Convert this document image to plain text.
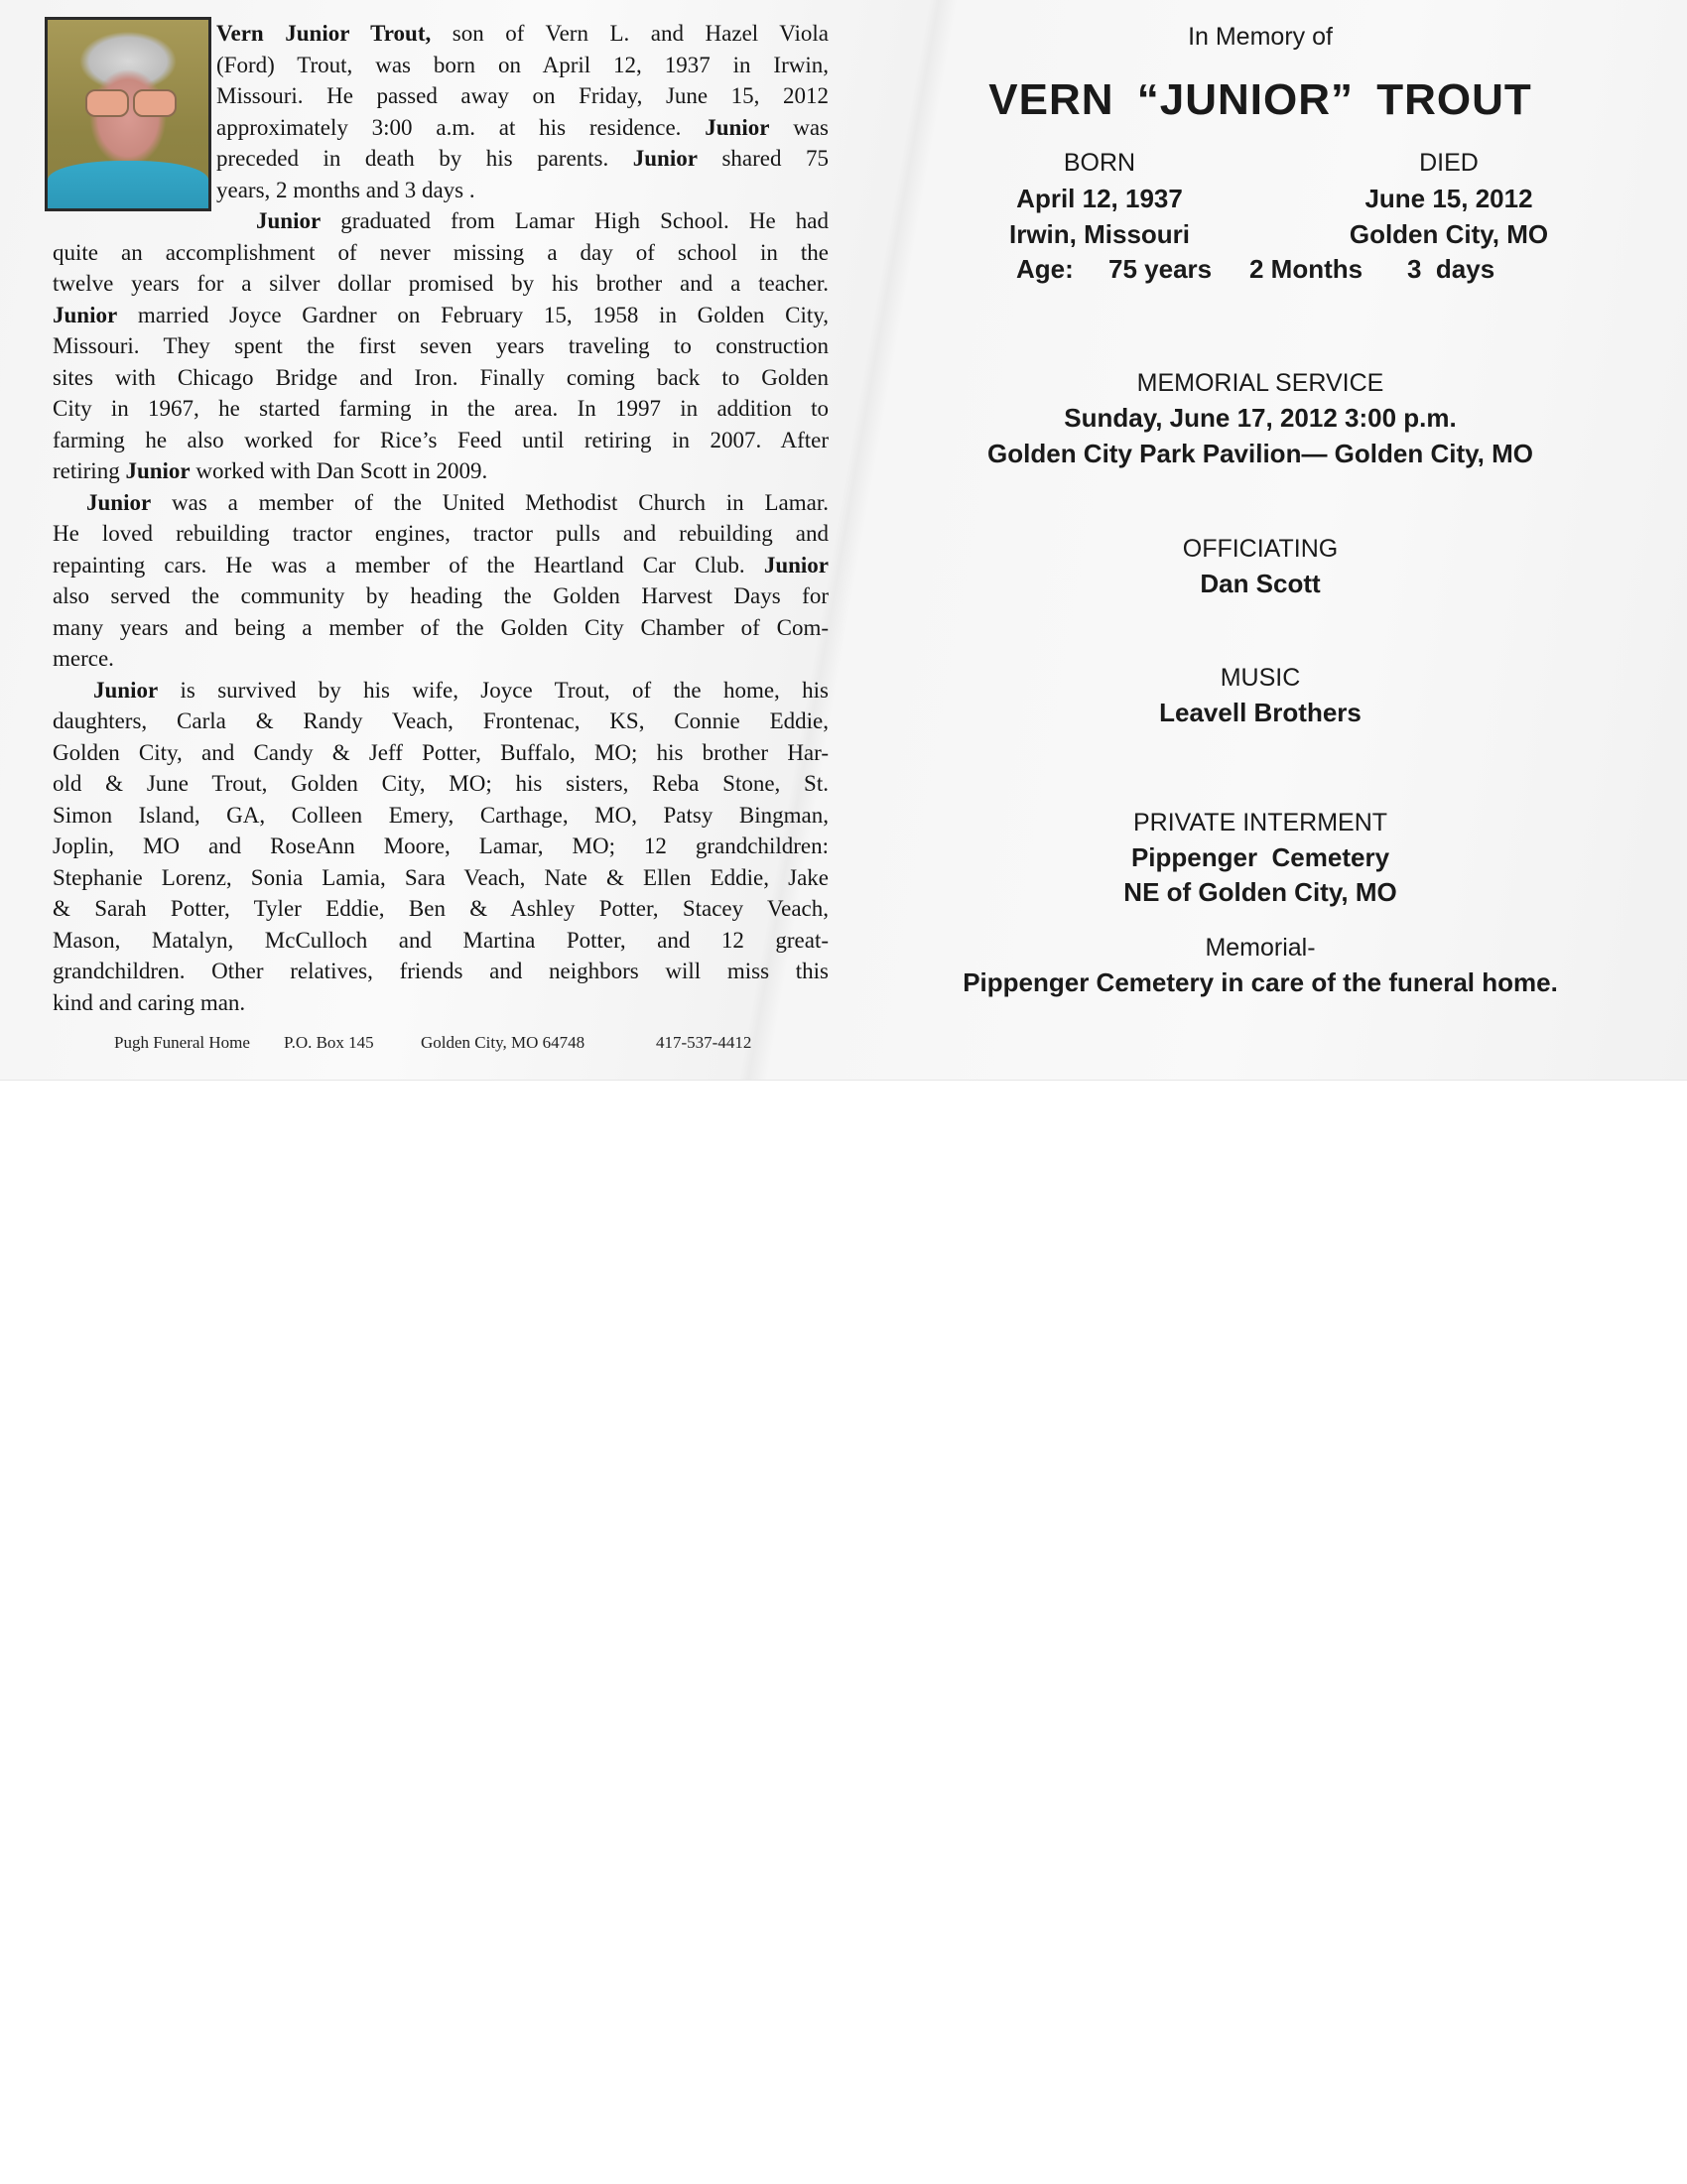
Vern Junior Trout, son of Vern L. and Hazel Viola
(Ford) Trout, was born on April 12, 1937 in Irwin,
Missouri. He passed away on Friday, June 15, 2012
approximately 3:00 a.m. at his residence. Junior was
preceded in death by his parents. Junior shared 75
years, 2 months and 3 days .
Junior graduated from Lamar High School. He had
quite an accomplishment of never missing a day of school in the
twelve years for a silver dollar promised by his brother and a teacher.
Junior married Joyce Gardner on February 15, 1958 in Golden City,
Missouri. They spent the first seven years traveling to construction
sites with Chicago Bridge and Iron. Finally coming back to Golden
City in 1967, he started farming in the area. In 1997 in addition to
farming he also worked for Rice’s Feed until retiring in 2007. After
retiring Junior worked with Dan Scott in 2009.
Junior was a member of the United Methodist Church in Lamar.
He loved rebuilding tractor engines, tractor pulls and rebuilding and
repainting cars. He was a member of the Heartland Car Club. Junior
also served the community by heading the Golden Harvest Days for
many years and being a member of the Golden City Chamber of Com-
merce.
Junior is survived by his wife, Joyce Trout, of the home, his
daughters, Carla & Randy Veach, Frontenac, KS, Connie Eddie,
Golden City, and Candy & Jeff Potter, Buffalo, MO; his brother Har-
old & June Trout, Golden City, MO; his sisters, Reba Stone, St.
Simon Island, GA, Colleen Emery, Carthage, MO, Patsy Bingman,
Joplin, MO and RoseAnn Moore, Lamar, MO; 12 grandchildren:
Stephanie Lorenz, Sonia Lamia, Sara Veach, Nate & Ellen Eddie, Jake
& Sarah Potter, Tyler Eddie, Ben & Ashley Potter, Stacey Veach,
Mason, Matalyn, McCulloch and Martina Potter, and 12 great-
grandchildren. Other relatives, friends and neighbors will miss this
kind and caring man.
Pugh Funeral Home P.O. Box 145	Golden City, MO 64748	417-537-4412
In Memory of
VERN “JUNIOR” TROUT
BORN
April 12, 1937
Irwin, Missouri
DIED
June 15, 2012
Golden City, MO
Age: 75 years 2 Months 3  days
MEMORIAL SERVICE
Sunday, June 17, 2012 3:00 p.m.
Golden City Park Pavilion— Golden City, MO
OFFICIATING
Dan Scott
MUSIC
Leavell Brothers
PRIVATE INTERMENT
Pippenger  Cemetery
NE of Golden City, MO
Memorial-
Pippenger Cemetery in care of the funeral home.
